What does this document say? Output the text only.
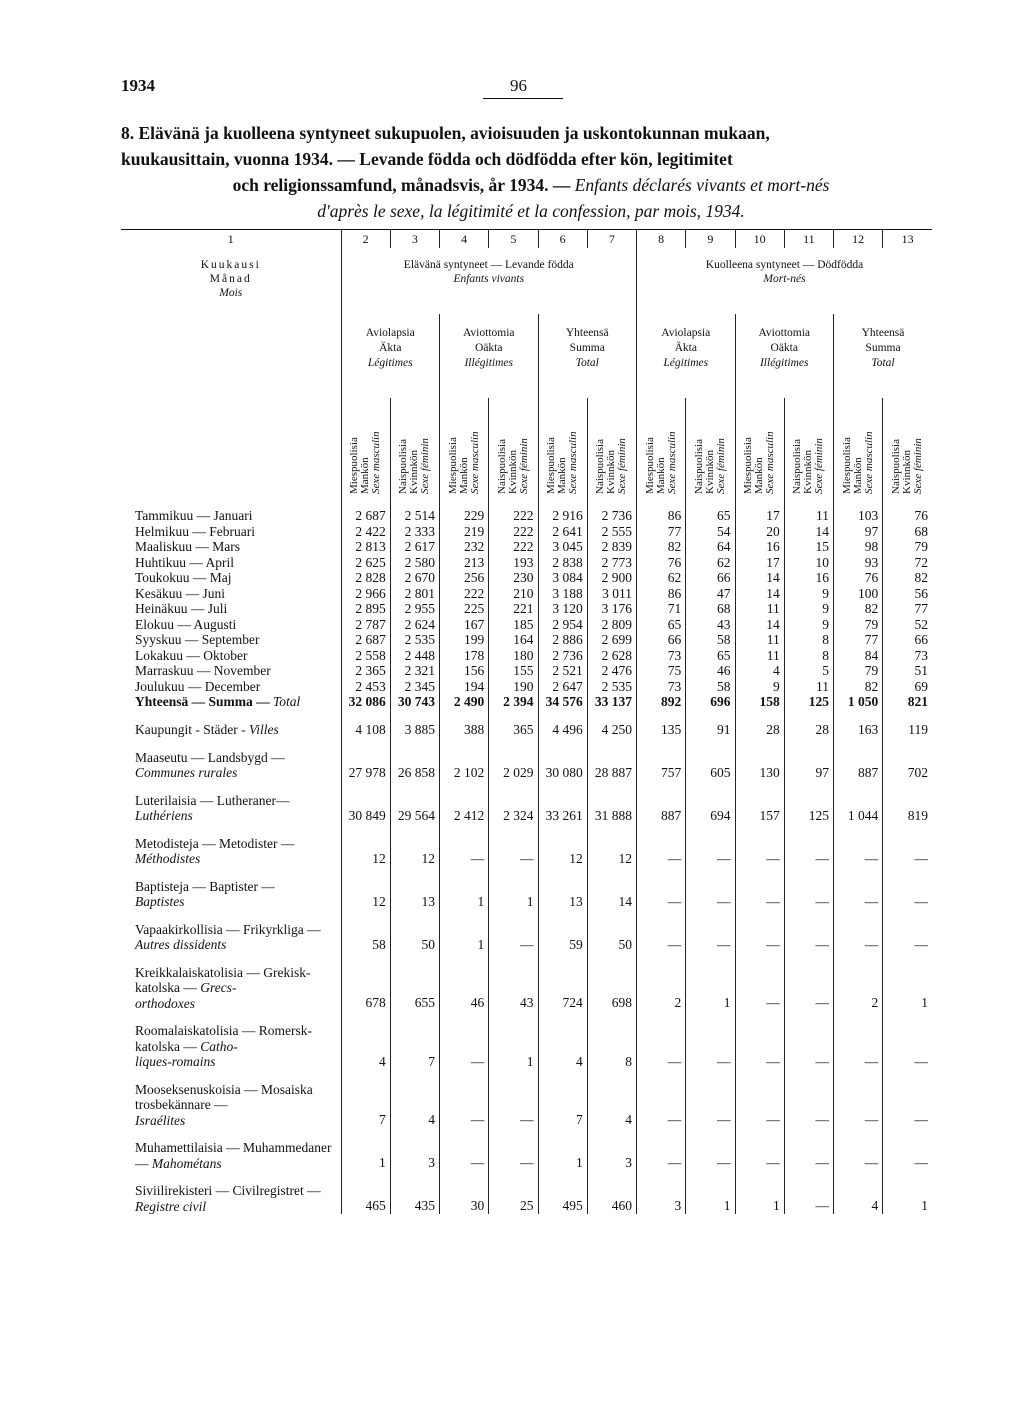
1934	96
8. Elävänä ja kuolleena syntyneet sukupuolen, avioisuuden ja uskontokunnan mukaan,
kuukausittain, vuonna 1934. — Levande födda och dödfödda efter kön, legitimitet

och religionssamfund, månadsvis, år 1934. — Enfants déclarés vivants et mort-nés
d'après le sexe, la légitimité et la confession, par mois, 1934.
1	2	3	4	5	6	7	8	9	10	11	12	13
Kuukausi
Månad
Mois	Elävänä syntyneet — Levande födda
Enfants vivants						Kuolleena syntyneet — Dödfödda
Mort-nés					
	Aviolapsia
Äkta
Légitimes		Aviottomia
Oäkta
Illégitimes		Yhteensä
Summa
Total		Aviolapsia
Äkta
Légitimes		Aviottomia
Oäkta
Illégitimes		Yhteensä
Summa
Total	

	Miespuolisia
Mankön
Sexe masculin	Naispuolisia
Kvinnkön
Sexe féminin	Miespuolisia
Mankön
Sexe masculin	Naispuolisia
Kvinnkön
Sexe féminin	Miespuolisia
Mankön
Sexe masculin	Naispuolisia
Kvinnkön
Sexe féminin	Miespuolisia
Mankön
Sexe masculin	Naispuolisia
Kvinnkön
Sexe féminin	Miespuolisia
Mankön
Sexe masculin	Naispuolisia
Kvinnkön
Sexe féminin	Miespuolisia
Mankön
Sexe masculin	Naispuolisia
Kvinnkön
Sexe féminin

Tammikuu — Januari	2 687	2 514	229	222	2 916	2 736	86	65	17	11	103	76
Helmikuu — Februari	2 422	2 333	219	222	2 641	2 555	77	54	20	14	97	68
Maaliskuu — Mars	2 813	2 617	232	222	3 045	2 839	82	64	16	15	98	79
Huhtikuu — April	2 625	2 580	213	193	2 838	2 773	76	62	17	10	93	72
Toukokuu — Maj	2 828	2 670	256	230	3 084	2 900	62	66	14	16	76	82
Kesäkuu — Juni	2 966	2 801	222	210	3 188	3 011	86	47	14	9	100	56
Heinäkuu — Juli	2 895	2 955	225	221	3 120	3 176	71	68	11	9	82	77
Elokuu — Augusti	2 787	2 624	167	185	2 954	2 809	65	43	14	9	79	52
Syyskuu — September	2 687	2 535	199	164	2 886	2 699	66	58	11	8	77	66
Lokakuu — Oktober	2 558	2 448	178	180	2 736	2 628	73	65	11	8	84	73
Marraskuu — November	2 365	2 321	156	155	2 521	2 476	75	46	4	5	79	51
Joulukuu — December	2 453	2 345	194	190	2 647	2 535	73	58	9	11	82	69
Yhteensä — Summa — Total	32 086	30 743	2 490	2 394	34 576	33 137	892	696	158	125	1 050	821

Kaupungit - Städer - Villes	4 108	3 885	388	365	4 496	4 250	135	91	28	28	163	119

Maaseutu — Landsbygd —
Communes rurales	27 978	26 858	2 102	2 029	30 080	28 887	757	605	130	97	887	702

Luterilaisia — Lutheraner—
Luthériens	30 849	29 564	2 412	2 324	33 261	31 888	887	694	157	125	1 044	819

Metodisteja — Metodister —
Méthodistes	12	12	—	—	12	12	—	—	—	—	—	—

Baptisteja — Baptister —
Baptistes	12	13	1	1	13	14	—	—	—	—	—	—

Vapaakirkollisia — Frikyrkliga —
Autres dissidents	58	50	1	—	59	50	—	—	—	—	—	—

Kreikkalaiskatolisia — Grekisk-katolska — Grecs-
orthodoxes	678	655	46	43	724	698	2	1	—	—	2	1

Roomalaiskatolisia — Romersk-katolska — Catho-
liques-romains	4	7	—	1	4	8	—	—	—	—	—	—

Mooseksenuskoisia — Mosaiska trosbekännare —
Israélites	7	4	—	—	7	4	—	—	—	—	—	—

Muhamettilaisia — Muhammedaner — Mahométans	1	3	—	—	1	3	—	—	—	—	—	—

Siviilirekisteri — Civilregistret — Registre civil	465	435	30	25	495	460	3	1	1	—	4	1
